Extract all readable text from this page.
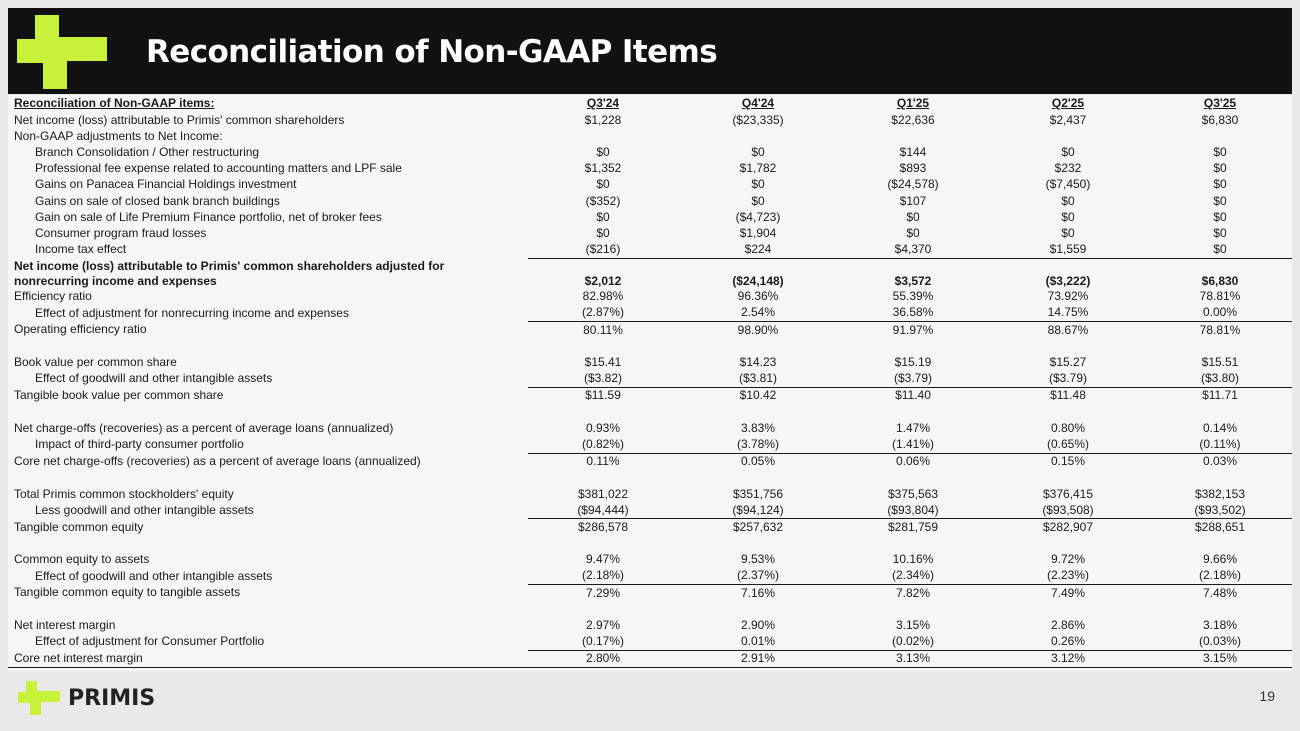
Reconciliation of Non-GAAP Items
Reconciliation of Non-GAAP items:	Q3'24	Q4'24	Q1'25	Q2'25	Q3'25
Net income (loss) attributable to Primis' common shareholders	$1,228	($23,335)	$22,636	$2,437	$6,830
Non-GAAP adjustments to Net Income:					
Branch Consolidation / Other restructuring	$0	$0	$144	$0	$0
Professional fee expense related to accounting matters and LPF sale	$1,352	$1,782	$893	$232	$0
Gains on Panacea Financial Holdings investment	$0	$0	($24,578)	($7,450)	$0
Gains on sale of closed bank branch buildings	($352)	$0	$107	$0	$0
Gain on sale of Life Premium Finance portfolio, net of broker fees	$0	($4,723)	$0	$0	$0
Consumer program fraud losses	$0	$1,904	$0	$0	$0
Income tax effect	($216)	$224	$4,370	$1,559	$0
Net income (loss) attributable to Primis' common shareholders adjusted for nonrecurring income and expenses	$2,012	($24,148)	$3,572	($3,222)	$6,830
Efficiency ratio	82.98%	96.36%	55.39%	73.92%	78.81%
Effect of adjustment for nonrecurring income and expenses	(2.87%)	2.54%	36.58%	14.75%	0.00%
Operating efficiency ratio	80.11%	98.90%	91.97%	88.67%	78.81%

Book value per common share	$15.41	$14.23	$15.19	$15.27	$15.51
Effect of goodwill and other intangible assets	($3.82)	($3.81)	($3.79)	($3.79)	($3.80)
Tangible book value per common share	$11.59	$10.42	$11.40	$11.48	$11.71

Net charge-offs (recoveries) as a percent of average loans (annualized)	0.93%	3.83%	1.47%	0.80%	0.14%
Impact of third-party consumer portfolio	(0.82%)	(3.78%)	(1.41%)	(0.65%)	(0.11%)
Core net charge-offs (recoveries) as a percent of average loans (annualized)	0.11%	0.05%	0.06%	0.15%	0.03%

Total Primis common stockholders' equity	$381,022	$351,756	$375,563	$376,415	$382,153
Less goodwill and other intangible assets	($94,444)	($94,124)	($93,804)	($93,508)	($93,502)
Tangible common equity	$286,578	$257,632	$281,759	$282,907	$288,651

Common equity to assets	9.47%	9.53%	10.16%	9.72%	9.66%
Effect of goodwill and other intangible assets	(2.18%)	(2.37%)	(2.34%)	(2.23%)	(2.18%)
Tangible common equity to tangible assets	7.29%	7.16%	7.82%	7.49%	7.48%

Net interest margin	2.97%	2.90%	3.15%	2.86%	3.18%
Effect of adjustment for Consumer Portfolio	(0.17%)	0.01%	(0.02%)	0.26%	(0.03%)
Core net interest margin	2.80%	2.91%	3.13%	3.12%	3.15%
PRIMIS	19
